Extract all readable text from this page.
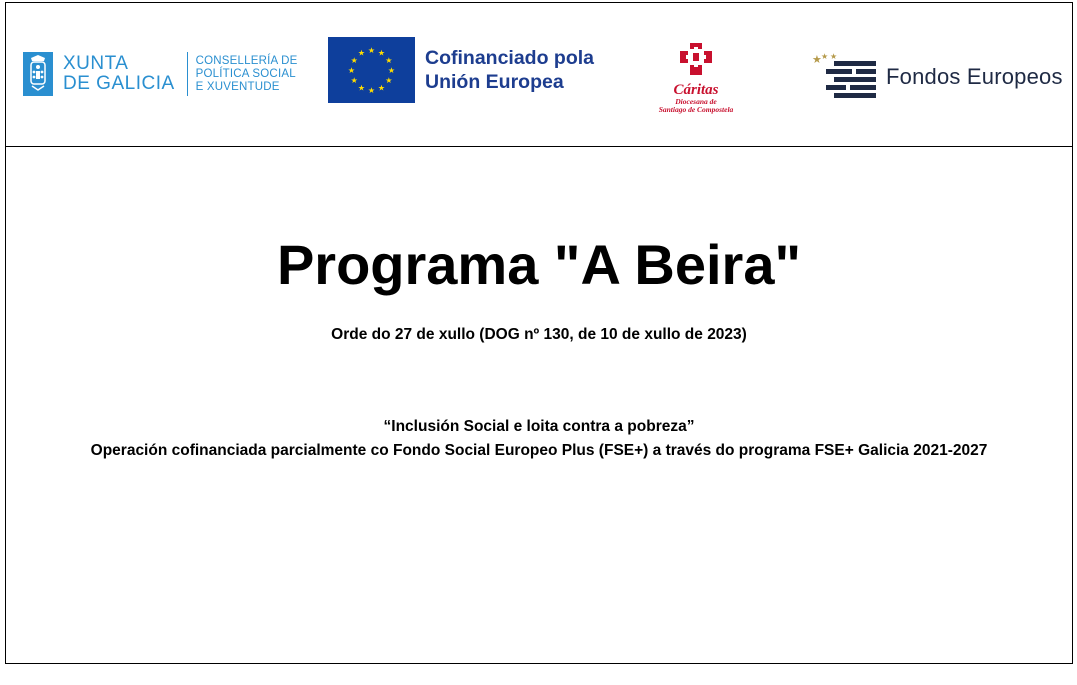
XUNTA
DE GALICIA
CONSELLERÍA DE
POLÍTICA SOCIAL
E XUVENTUDE
★ ★
★
★
★
★
★
★
★
★
★
★	Cofinanciado pola
Unión Europea	Cáritas
Diocesana de
Santiago de Compostela
★ ★ ★
Fondos Europeos
Programa "A Beira"
Orde do 27 de xullo (DOG nº 130, de 10 de xullo de 2023)
“Inclusión Social e loita contra a pobreza”
Operación cofinanciada parcialmente co Fondo Social Europeo Plus (FSE+) a través do programa FSE+ Galicia 2021-2027
